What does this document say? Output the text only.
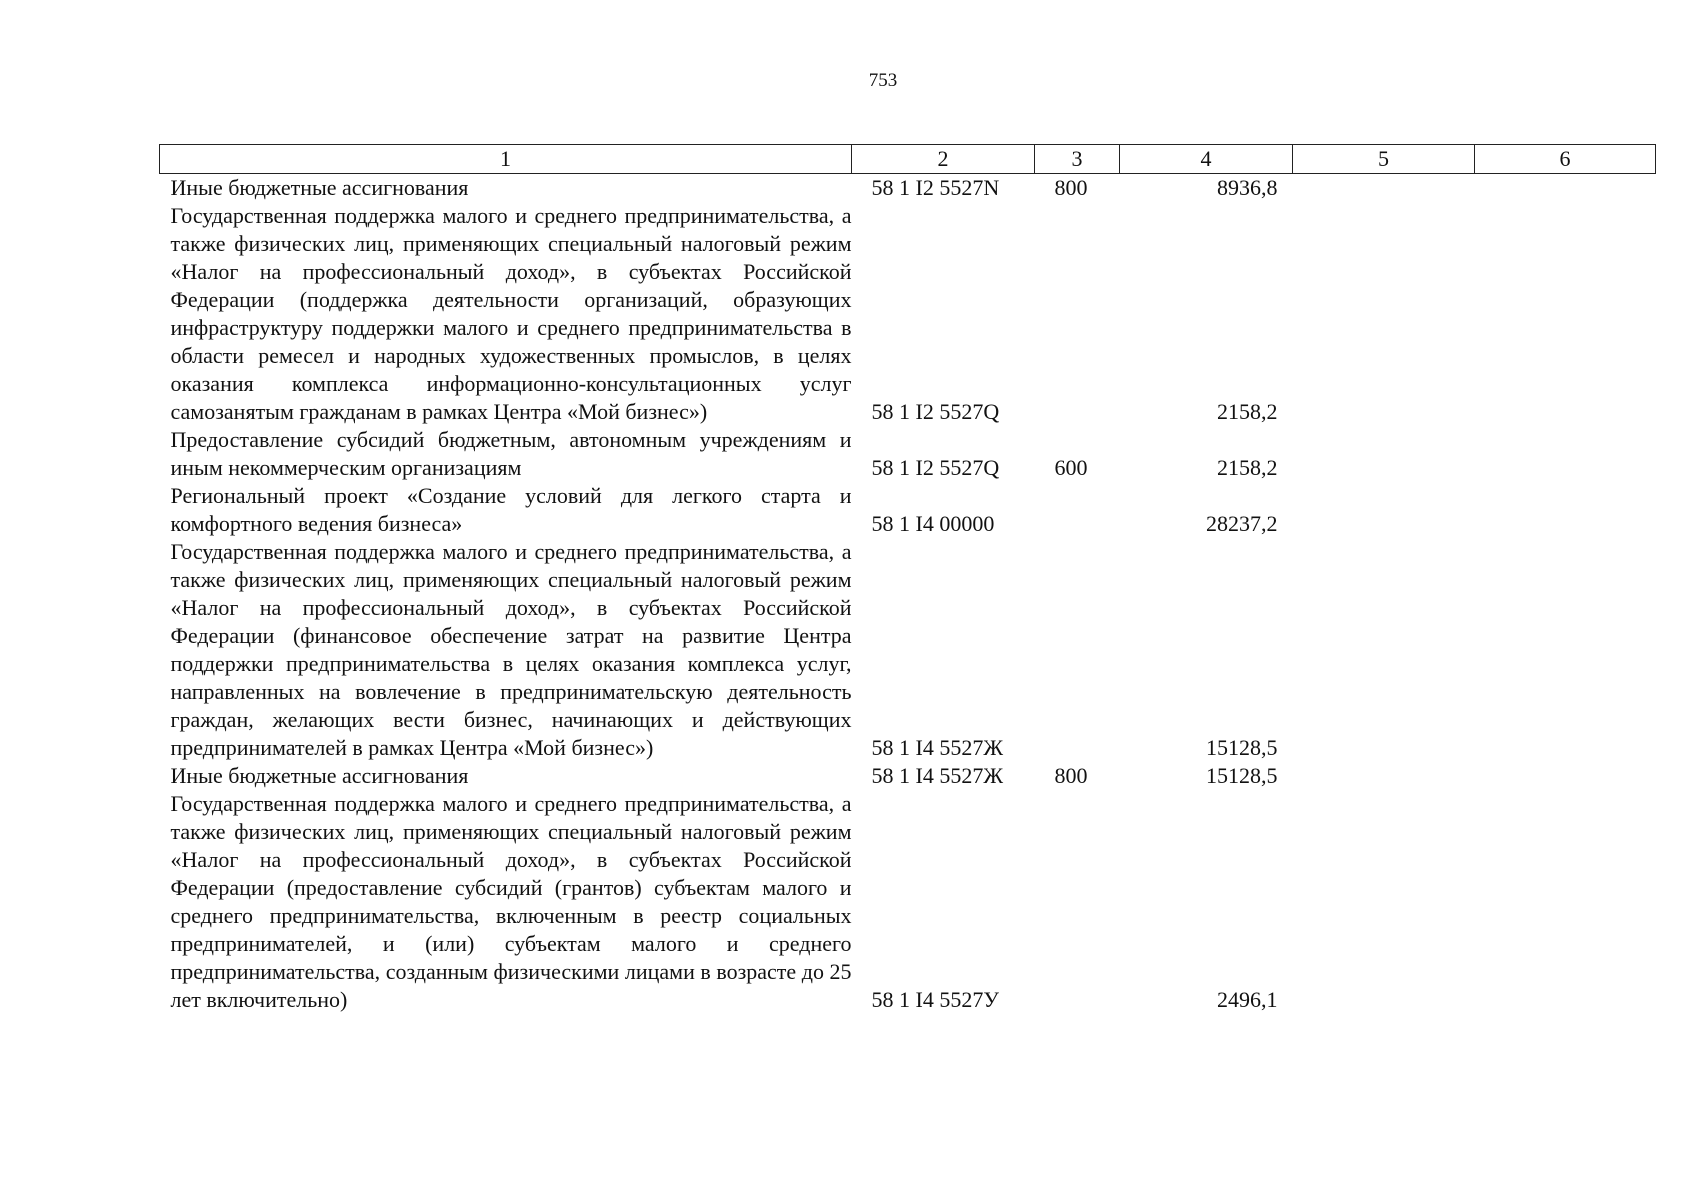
753
1	2	3	4	5	6
Иные бюджетные ассигнования	58 1 I2 5527N	800	8936,8		
Государственная поддержка малого и среднего предпринимательства, а также физических лиц, применяющих специальный налоговый режим «Налог на профессиональный доход», в субъектах Российской Федерации (поддержка деятельности организаций, образующих инфраструктуру поддержки малого и среднего предпринимательства в области ремесел и народных художественных промыслов, в целях оказания комплекса информационно-консультационных услуг самозанятым гражданам в рамках Центра «Мой бизнес»)	58 1 I2 5527Q		2158,2		
Предоставление субсидий бюджетным, автономным учреждениям и иным некоммерческим организациям	58 1 I2 5527Q	600	2158,2		
Региональный проект «Создание условий для легкого старта и комфортного ведения бизнеса»	58 1 I4 00000		28237,2		
Государственная поддержка малого и среднего предпринимательства, а также физических лиц, применяющих специальный налоговый режим «Налог на профессиональный доход», в субъектах Российской Федерации (финансовое обеспечение затрат на развитие Центра поддержки предпринимательства в целях оказания комплекса услуг, направленных на вовлечение в предпринимательскую деятельность граждан, желающих вести бизнес, начинающих и действующих предпринимателей в рамках Центра «Мой бизнес»)	58 1 I4 5527Ж		15128,5		
Иные бюджетные ассигнования	58 1 I4 5527Ж	800	15128,5		
Государственная поддержка малого и среднего предпринимательства, а также физических лиц, применяющих специальный налоговый режим «Налог на профессиональный доход», в субъектах Российской Федерации (предоставление субсидий (грантов) субъектам малого и среднего предпринимательства, включенным в реестр социальных предпринимателей, и (или) субъектам малого и среднего предпринимательства, созданным физическими лицами в возрасте до 25 лет включительно)	58 1 I4 5527У		2496,1		
